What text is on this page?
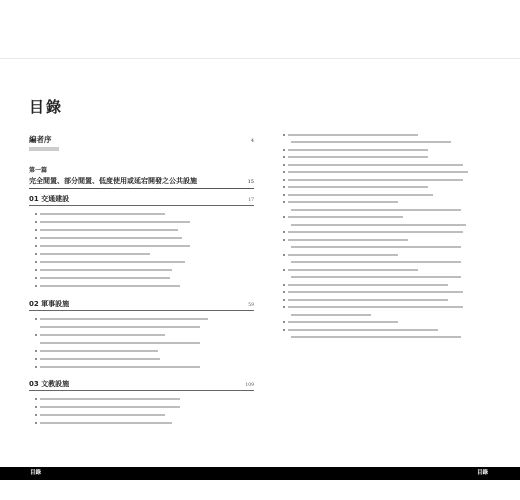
目錄
編者序	4
第一篇
完全閒置、部分閒置、低度使用或延宕開發之公共設施	15
01 交通建設	17
02 軍事設施	59
03 文教設施	109
目錄	目錄
